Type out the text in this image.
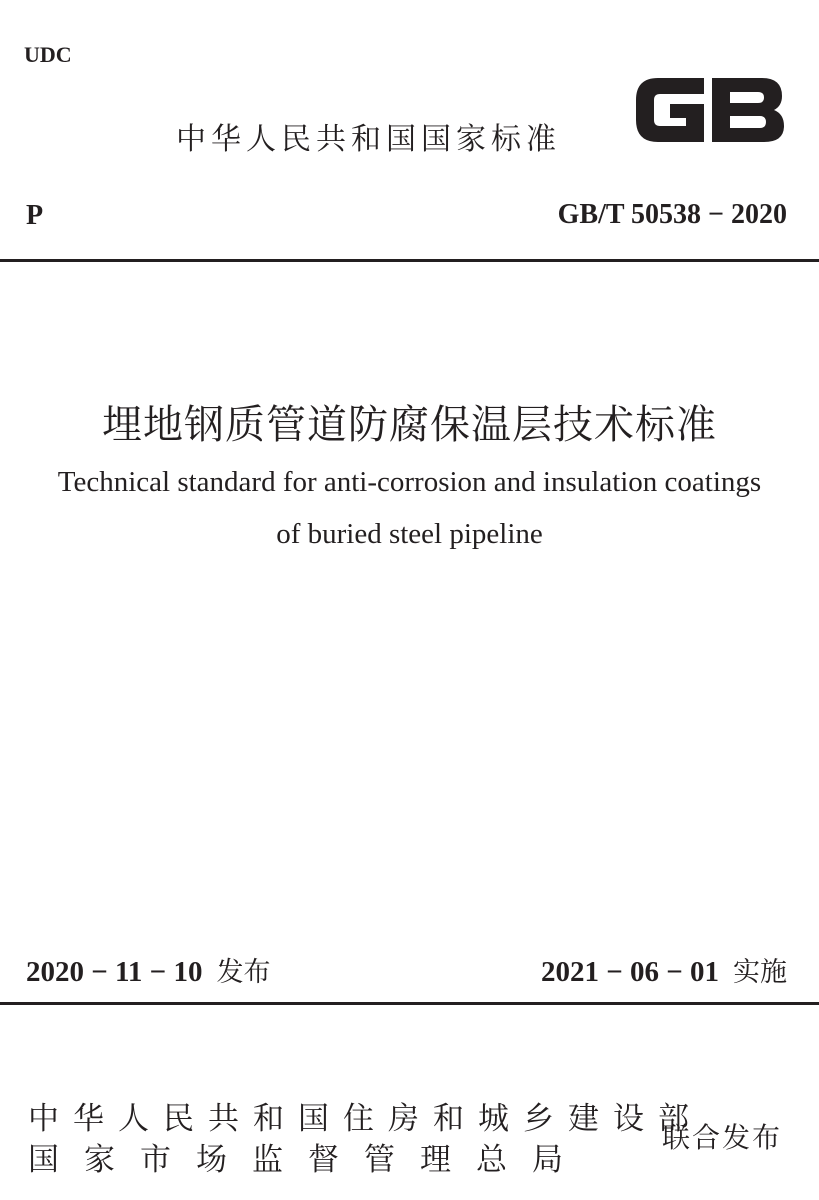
UDC
中华人民共和国国家标准
P	GB/T 50538 − 2020
埋地钢质管道防腐保温层技术标准
Technical standard for anti-corrosion and insulation coatings
of buried steel pipeline
2020 − 11 − 10 发布	2021 − 06 − 01 实施
中华人民共和国住房和城乡建设部
国家市场监督管理总局
联合发布
